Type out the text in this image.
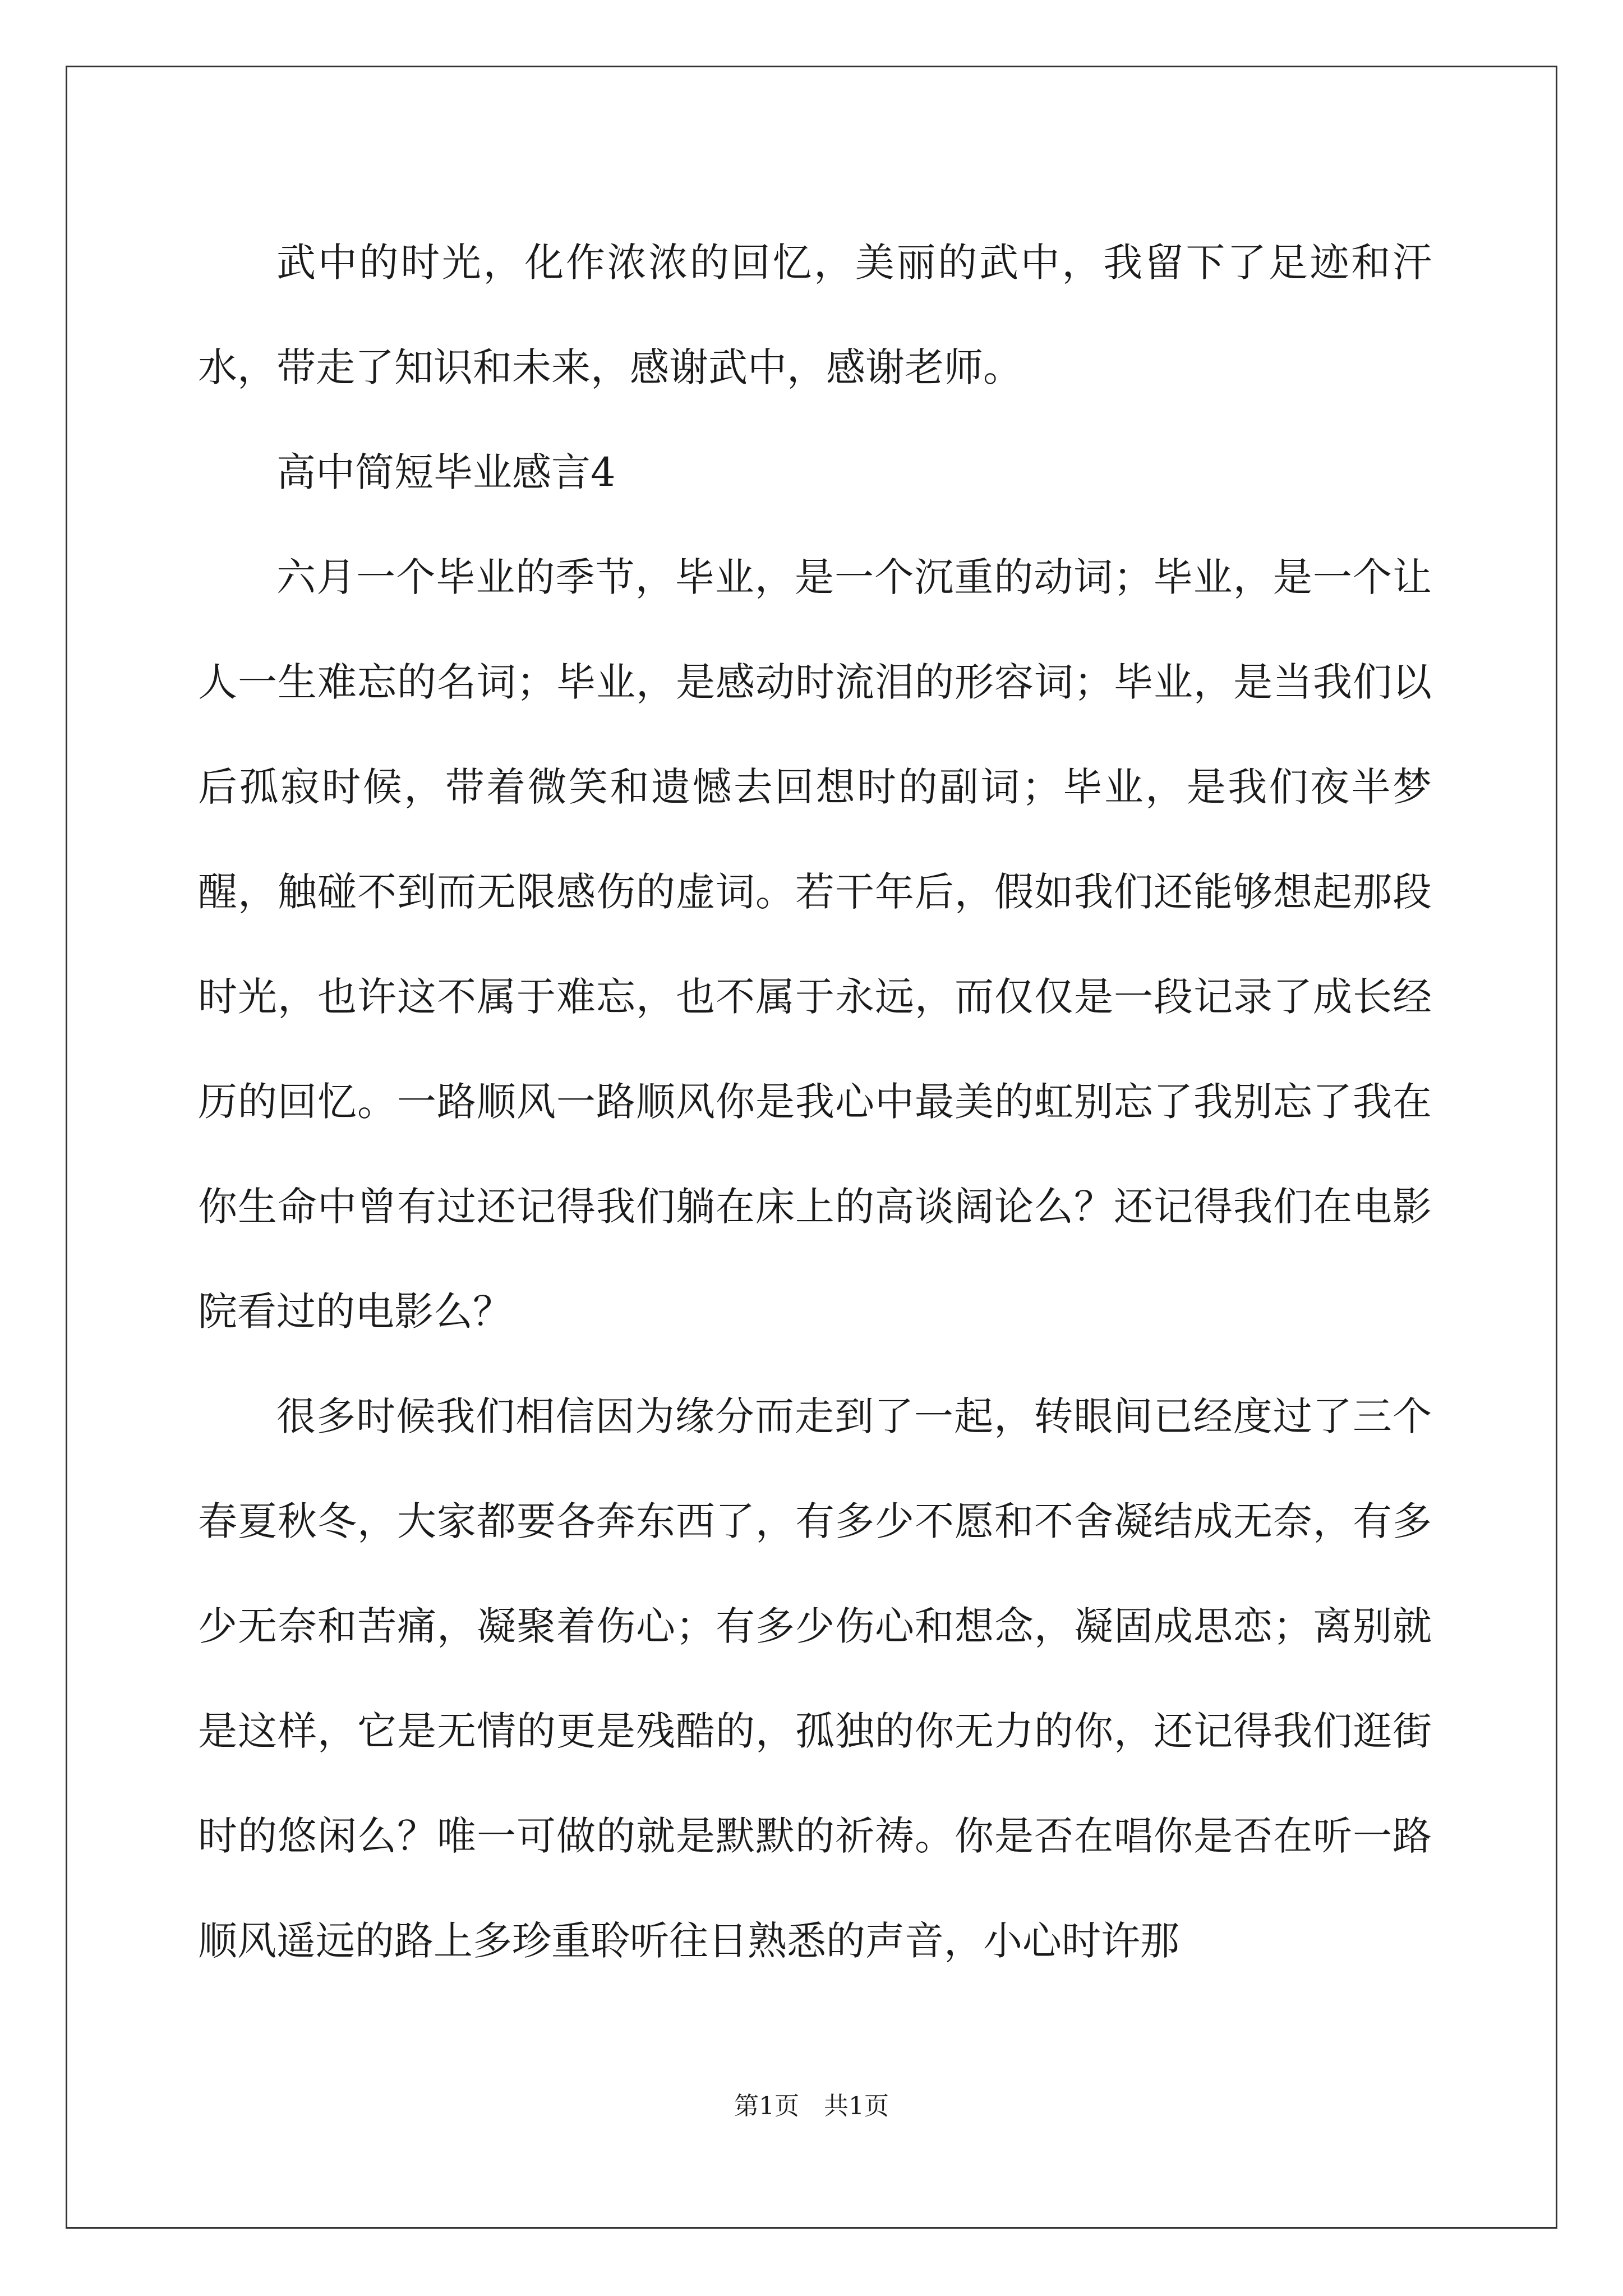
武中的时光，化作浓浓的回忆，美丽的武中，我留下了足迹和汗水，带走了知识和未来，感谢武中，感谢老师。

高中简短毕业感言4

六月一个毕业的季节，毕业，是一个沉重的动词；毕业，是一个让人一生难忘的名词；毕业，是感动时流泪的形容词；毕业，是当我们以后孤寂时候，带着微笑和遗憾去回想时的副词；毕业，是我们夜半梦醒，触碰不到而无限感伤的虚词。若干年后，假如我们还能够想起那段时光，也许这不属于难忘，也不属于永远，而仅仅是一段记录了成长经历的回忆。一路顺风一路顺风你是我心中最美的虹别忘了我别忘了我在你生命中曾有过还记得我们躺在床上的高谈阔论么？还记得我们在电影院看过的电影么？

很多时候我们相信因为缘分而走到了一起，转眼间已经度过了三个春夏秋冬，大家都要各奔东西了，有多少不愿和不舍凝结成无奈，有多少无奈和苦痛，凝聚着伤心；有多少伤心和想念，凝固成思恋；离别就是这样，它是无情的更是残酷的，孤独的你无力的你，还记得我们逛街时的悠闲么？唯一可做的就是默默的祈祷。你是否在唱你是否在听一路顺风遥远的路上多珍重聆听往日熟悉的声音，小心时许那

第1页　共1页
